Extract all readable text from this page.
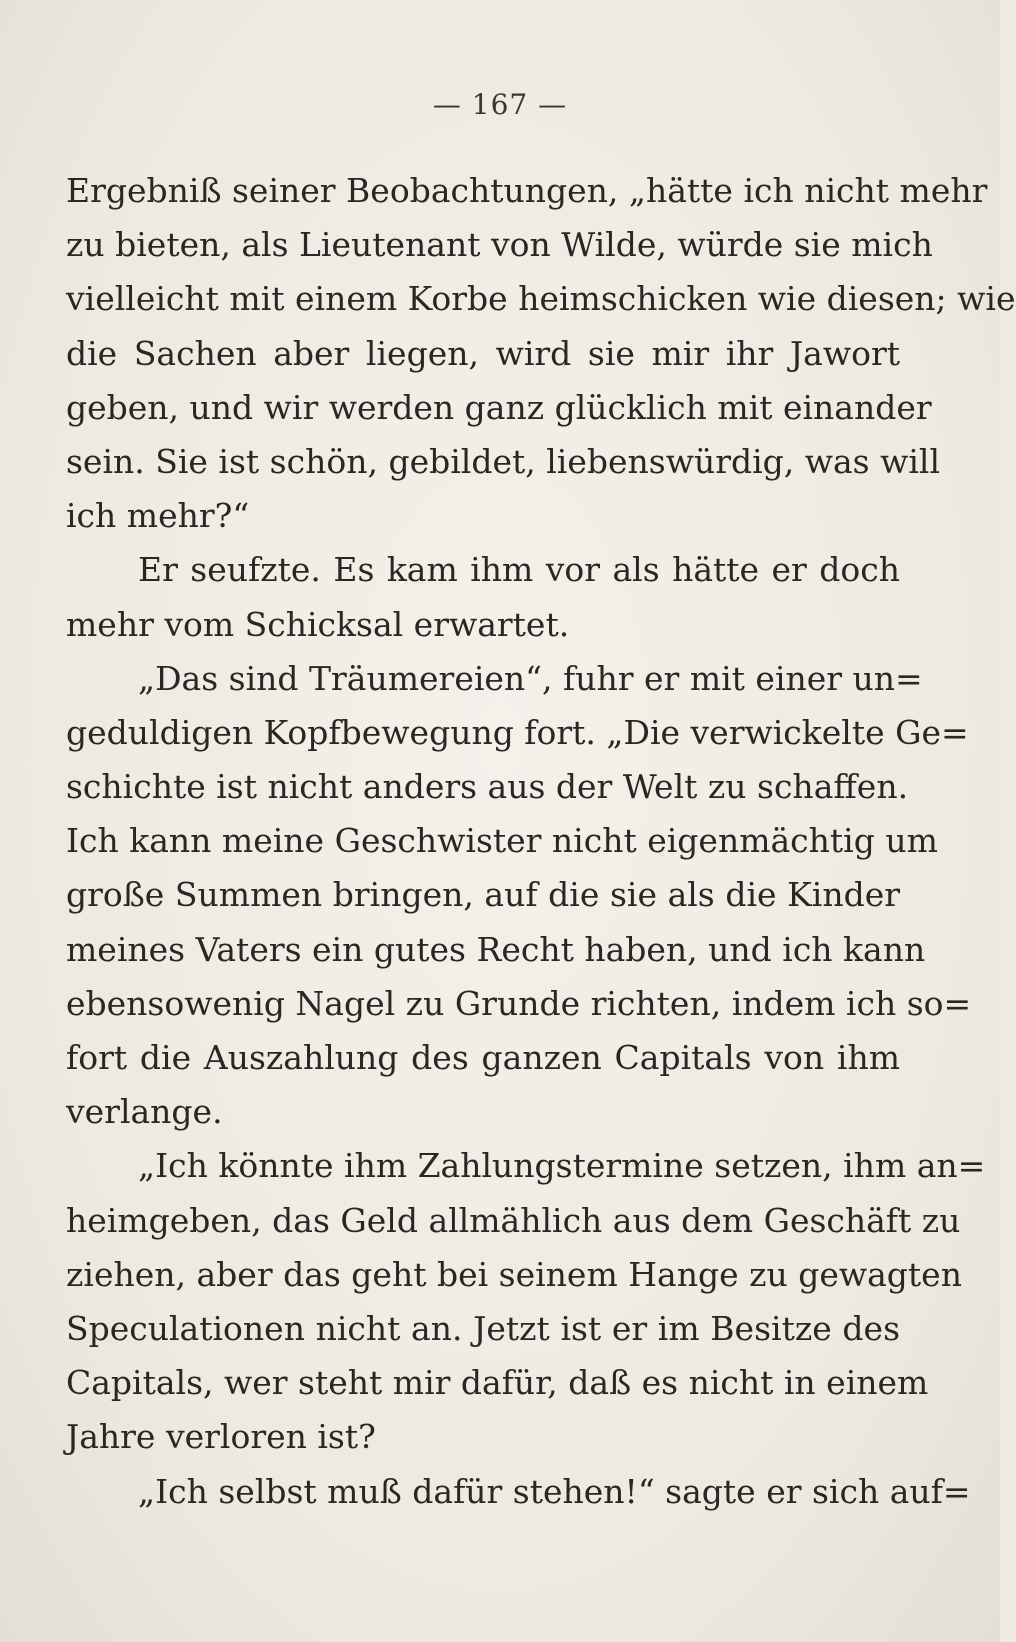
— 167 —
Ergebniß seiner Beobachtungen, „hätte ich nicht mehr
zu bieten, als Lieutenant von Wilde, würde sie mich
vielleicht mit einem Korbe heimschicken wie diesen; wie
die Sachen aber liegen, wird sie mir ihr Jawort
geben, und wir werden ganz glücklich mit einander
sein. Sie ist schön, gebildet, liebenswürdig, was will
ich mehr?“
Er seufzte. Es kam ihm vor als hätte er doch
mehr vom Schicksal erwartet.
„Das sind Träumereien“, fuhr er mit einer un=
geduldigen Kopfbewegung fort. „Die verwickelte Ge=
schichte ist nicht anders aus der Welt zu schaffen.
Ich kann meine Geschwister nicht eigenmächtig um
große Summen bringen, auf die sie als die Kinder
meines Vaters ein gutes Recht haben, und ich kann
ebensowenig Nagel zu Grunde richten, indem ich so=
fort die Auszahlung des ganzen Capitals von ihm
verlange.
„Ich könnte ihm Zahlungstermine setzen, ihm an=
heimgeben, das Geld allmählich aus dem Geschäft zu
ziehen, aber das geht bei seinem Hange zu gewagten
Speculationen nicht an. Jetzt ist er im Besitze des
Capitals, wer steht mir dafür, daß es nicht in einem
Jahre verloren ist?
„Ich selbst muß dafür stehen!“ sagte er sich auf=
